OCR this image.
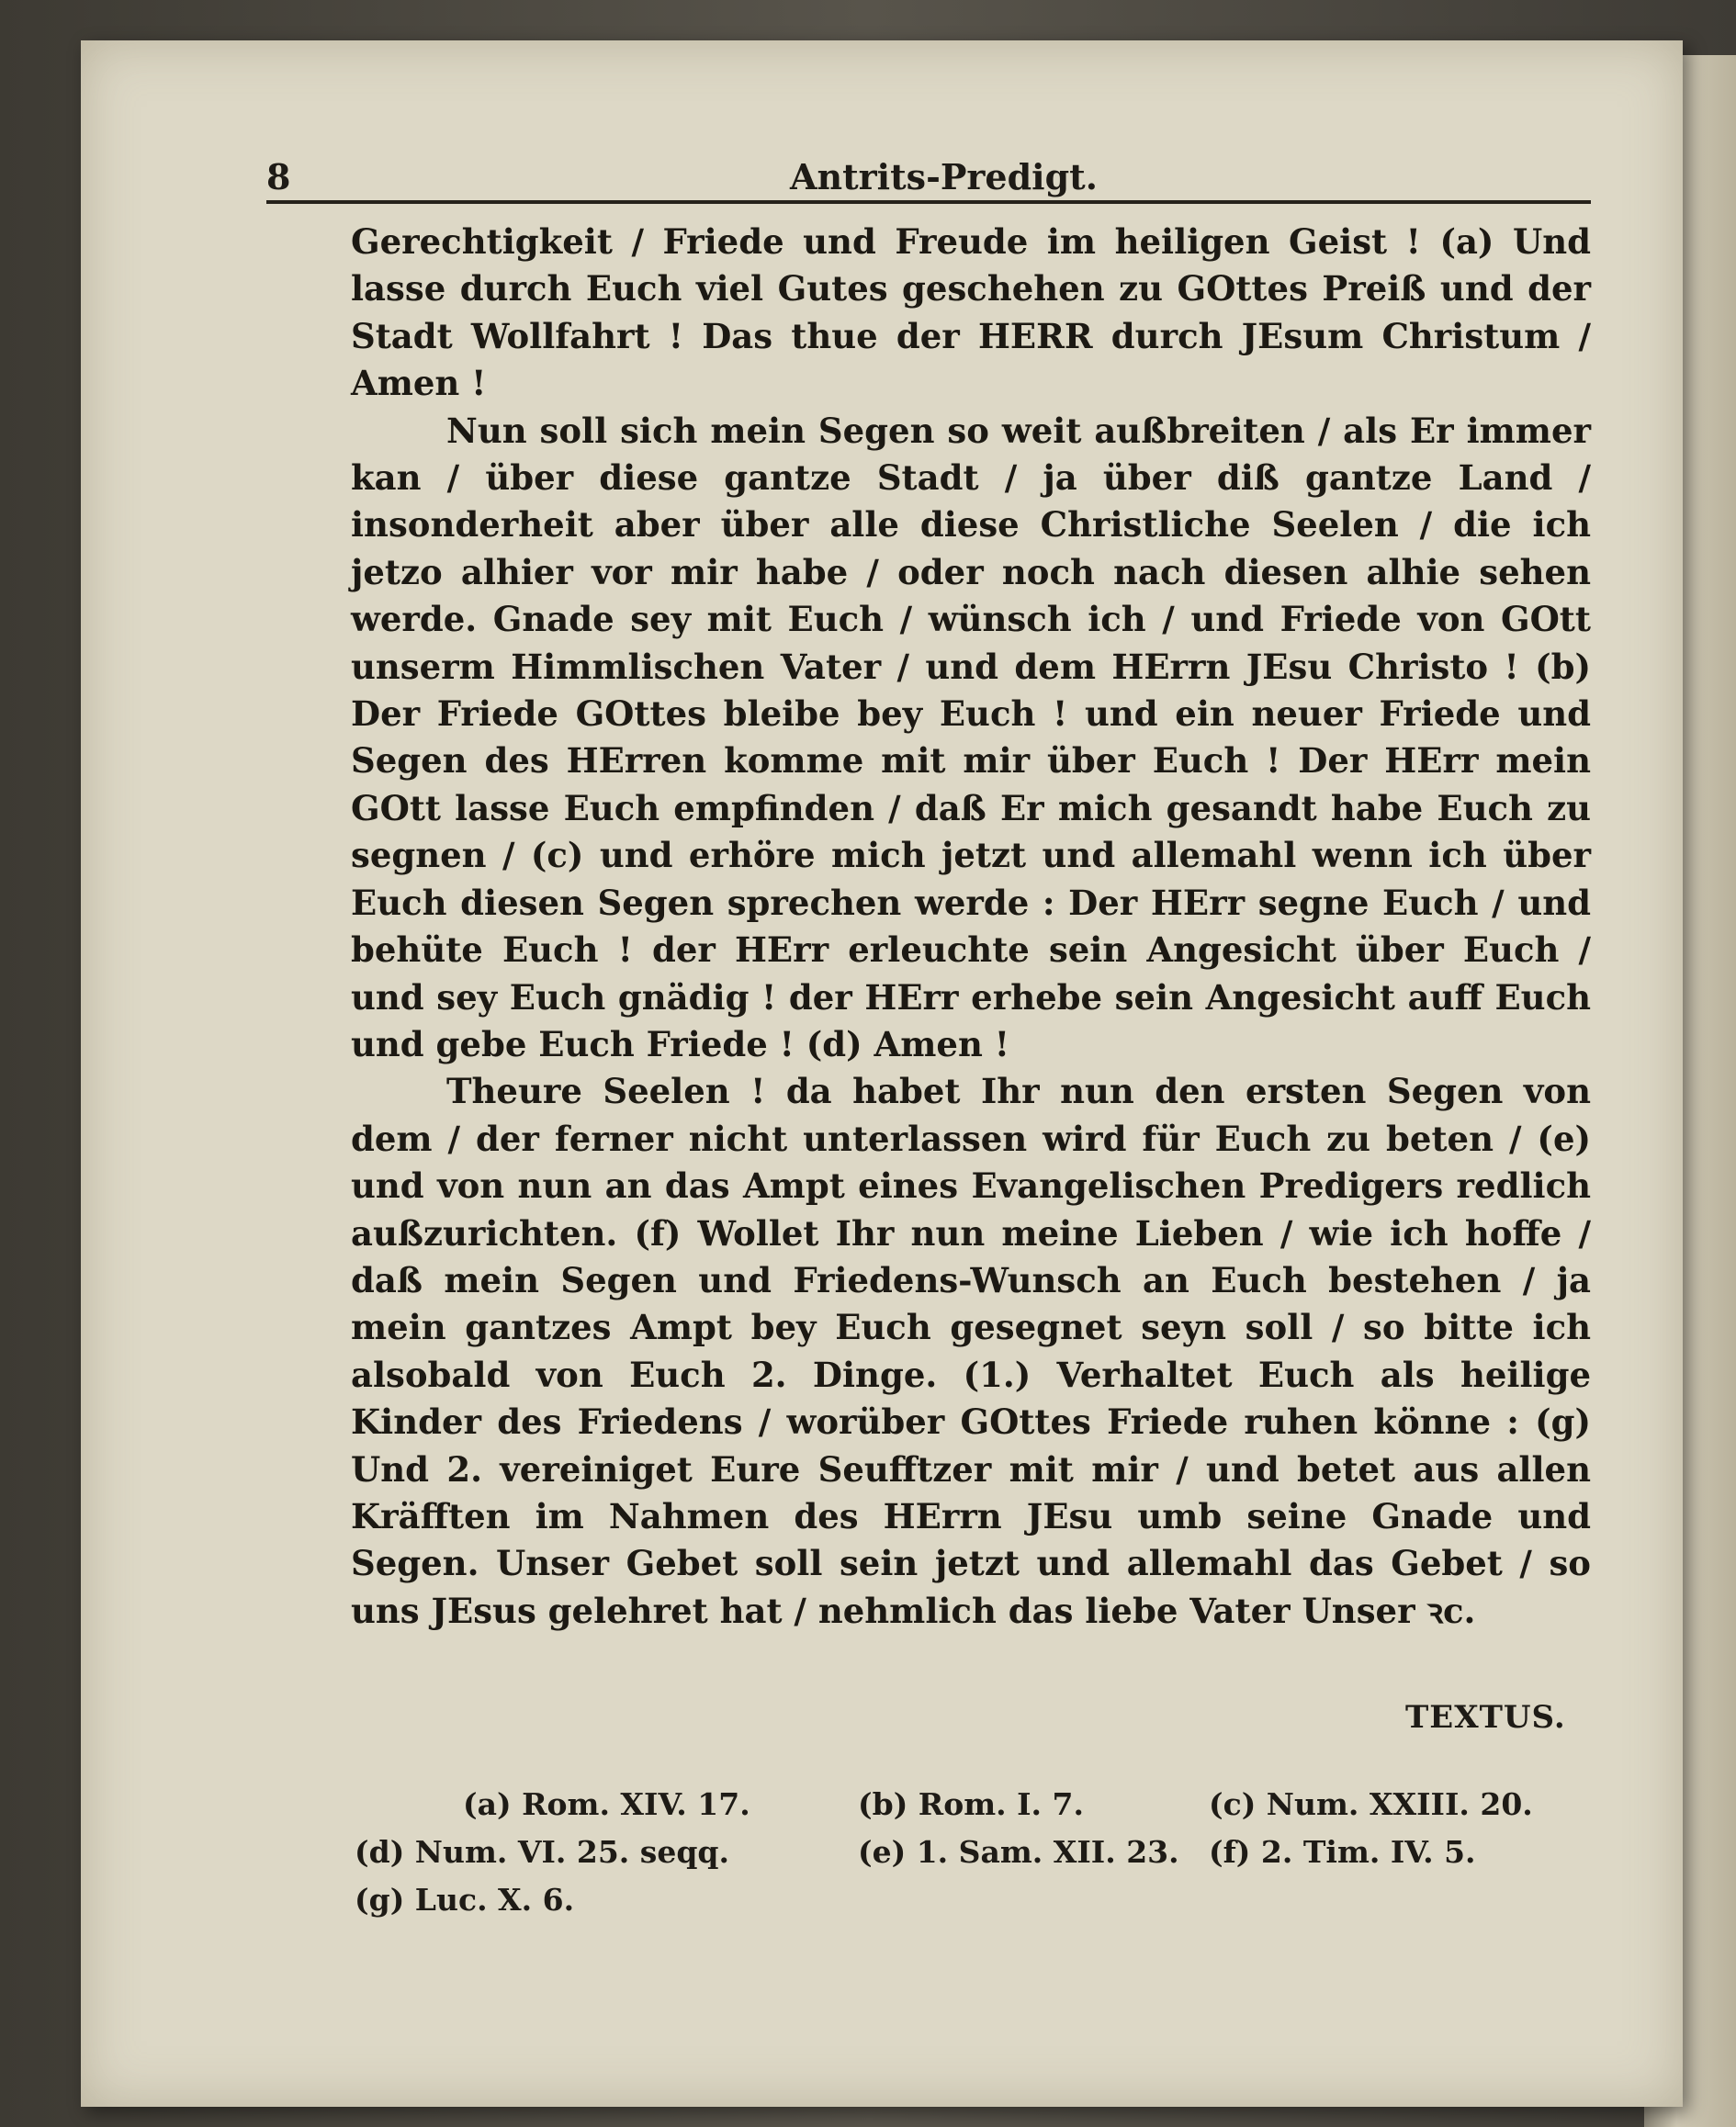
8	Antrits-Predigt.

Gerechtigkeit / Friede und Freude im heiligen Geist ! (a) Und lasse durch Euch viel Gutes geschehen zu GOttes Preiß und der Stadt Wollfahrt ! Das thue der HERR durch JEsum Christum / Amen !

Nun soll sich mein Segen so weit außbreiten / als Er immer kan / über diese gantze Stadt / ja über diß gantze Land / insonderheit aber über alle diese Christliche Seelen / die ich jetzo alhier vor mir habe / oder noch nach diesen alhie sehen werde. Gnade sey mit Euch / wünsch ich / und Friede von GOtt unserm Himmlischen Vater / und dem HErrn JEsu Christo ! (b) Der Friede GOttes bleibe bey Euch ! und ein neuer Friede und Segen des HErren komme mit mir über Euch ! Der HErr mein GOtt lasse Euch empfinden / daß Er mich gesandt habe Euch zu segnen / (c) und erhöre mich jetzt und allemahl wenn ich über Euch diesen Segen sprechen werde : Der HErr segne Euch / und behüte Euch ! der HErr erleuchte sein Angesicht über Euch / und sey Euch gnädig ! der HErr erhebe sein Angesicht auff Euch und gebe Euch Friede ! (d) Amen !

Theure Seelen ! da habet Ihr nun den ersten Segen von dem / der ferner nicht unterlassen wird für Euch zu beten / (e) und von nun an das Ampt eines Evangelischen Predigers redlich außzurichten. (f) Wollet Ihr nun meine Lieben / wie ich hoffe / daß mein Segen und Friedens-Wunsch an Euch bestehen / ja mein gantzes Ampt bey Euch gesegnet seyn soll / so bitte ich alsobald von Euch 2. Dinge. (1.) Verhaltet Euch als heilige Kinder des Friedens / worüber GOttes Friede ruhen könne : (g) Und 2. vereiniget Eure Seufftzer mit mir / und betet aus allen Kräfften im Nahmen des HErrn JEsu umb seine Gnade und Segen. Unser Gebet soll sein jetzt und allemahl das Gebet / so uns JEsus gelehret hat / nehmlich das liebe Vater Unser ꝛc.

TEXTUS.
(a) Rom. XIV. 17.	(b) Rom. I. 7.	(c) Num. XXIII. 20.
(d) Num. VI. 25. seqq.	(e) 1. Sam. XII. 23. (f) 2. Tim. IV. 5.
(g) Luc. X. 6.
